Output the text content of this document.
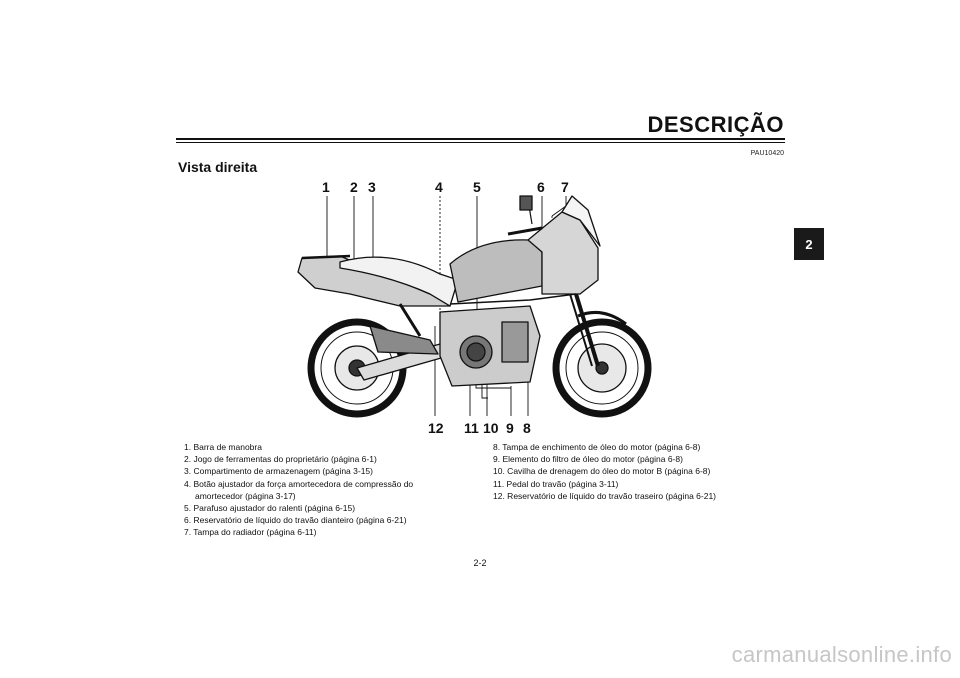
DESCRIÇÃO
PAU10420
Vista direita
2
1 2 3	4 5	6 7
12 11 10 9 8
1. Barra de manobra
2. Jogo de ferramentas do proprietário (página 6-1)
3. Compartimento de armazenagem (página 3-15)
4. Botão ajustador da força amortecedora de compressão do amortecedor (página 3-17)
5. Parafuso ajustador do ralenti (página 6-15)
6. Reservatório de líquido do travão dianteiro (página 6-21)
7. Tampa do radiador (página 6-11)
8. Tampa de enchimento de óleo do motor (página 6-8)
9. Elemento do filtro de óleo do motor (página 6-8)
10. Cavilha de drenagem do óleo do motor B (página 6-8)
11. Pedal do travão (página 3-11)
12. Reservatório de líquido do travão traseiro (página 6-21)
2-2
carmanualsonline.info
